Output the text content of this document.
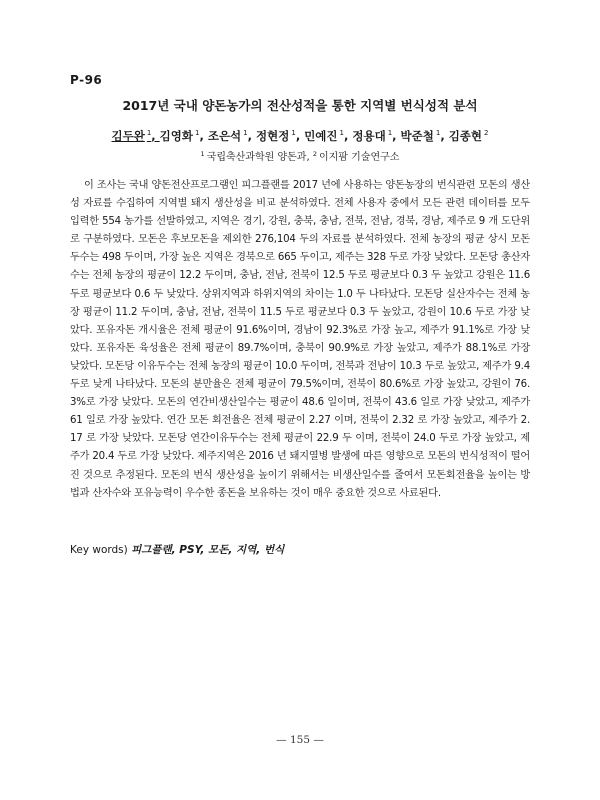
P-96
2017년 국내 양돈농가의 전산성적을 통한 지역별 번식성적 분석
김두완 $^1$, 김영화 $^1$, 조은석 $^1$, 정현정 $^1$, 민예진 $^1$, 정용대 $^1$, 박준철 $^1$, 김종현 $^2$
$^1$ 국립축산과학원 양돈과, $^2$ 이지팜 기술연구소
이 조사는 국내 양돈전산프로그램인 피그플랜를 2017 년에 사용하는 양돈농장의 번식관련 모돈의 생산성 자료를 수집하여 지역별 돼지 생산성을 비교 분석하였다. 전체 사용자 중에서 모든 관련 데이터를 모두 입력한 554 농가를 선발하였고, 지역은 경기, 강원, 충북, 충남, 전북, 전남, 경북, 경남, 제주로 9 개 도단위로 구분하였다. 모돈은 후보모돈을 제외한 276,104 두의 자료를 분석하였다. 전체 농장의 평균 상시 모돈두수는 498 두이며, 가장 높은 지역은 경북으로 665 두이고, 제주는 328 두로 가장 낮았다. 모돈당 총산자수는 전체 농장의 평균이 12.2 두이며, 충남, 전남, 전북이 12.5 두로 평균보다 0.3 두 높았고 강원은 11.6 두로 평균보다 0.6 두 낮았다. 상위지역과 하위지역의 차이는 1.0 두 나타났다. 모돈당 실산자수는 전체 농장 평균이 11.2 두이며, 충남, 전남, 전북이 11.5 두로 평균보다 0.3 두 높았고, 강원이 10.6 두로 가장 낮았다. 포유자돈 개시율은 전체 평균이 91.6%이며, 경남이 92.3%로 가장 높고, 제주가 91.1%로 가장 낮았다. 포유자돈 육성율은 전체 평균이 89.7%이며, 충북이 90.9%로 가장 높았고, 제주가 88.1%로 가장 낮았다. 모돈당 이유두수는 전체 농장의 평균이 10.0 두이며, 전북과 전남이 10.3 두로 높았고, 제주가 9.4 두로 낮게 나타났다. 모돈의 분만율은 전체 평균이 79.5%이며, 전북이 80.6%로 가장 높았고, 강원이 76.3%로 가장 낮았다. 모돈의 연간비생산일수는 평균이 48.6 일이며, 전북이 43.6 일로 가장 낮았고, 제주가 61 일로 가장 높았다. 연간 모돈 회전율은 전체 평균이 2.27 이며, 전북이 2.32 로 가장 높았고, 제주가 2.17 로 가장 낮았다. 모돈당 연간이유두수는 전체 평균이 22.9 두 이며, 전북이 24.0 두로 가장 높았고, 제주가 20.4 두로 가장 낮았다. 제주지역은 2016 년 돼지열병 발생에 따른 영향으로 모돈의 번식성적이 떨어진 것으로 추정된다. 모돈의 번식 생산성을 높이기 위해서는 비생산일수를 줄여서 모돈회전율을 높이는 방법과 산자수와 포유능력이 우수한 종돈을 보유하는 것이 매우 중요한 것으로 사료된다.
Key words) 피그플랜, PSY, 모돈, 지역, 번식
— 155 —
